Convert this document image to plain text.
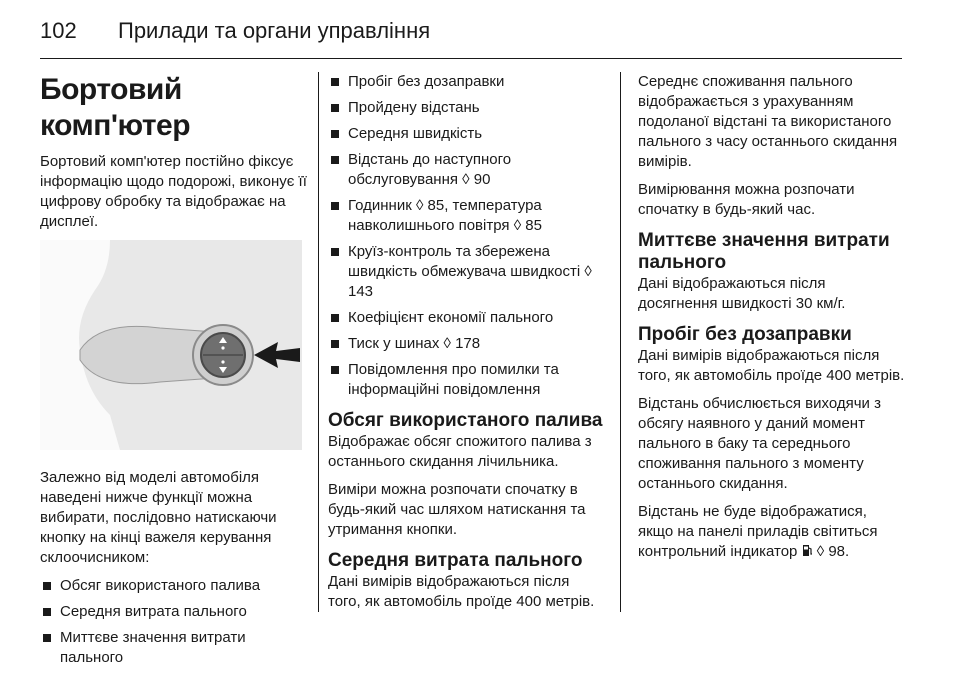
102 Прилади та органи управління
Бортовий комп'ютер

Бортовий комп'ютер постійно фіксує інформацію щодо подорожі, виконує її цифрову обробку та відображає на дисплеї.

Залежно від моделі автомобіля наведені нижче функції можна вибирати, послідовно натискаючи кнопку на кінці важеля керування склоочисником:

Обсяг використаного палива
Середня витрата пального
Миттєве значення витрати пального
Пробіг без дозаправки
Пройдену відстань
Середня швидкість
Відстань до наступного обслуговування ◊ 90
Годинник ◊ 85, температура навколишнього повітря ◊ 85
Круїз-контроль та збережена швидкість обмежувача швидкості ◊ 143
Коефіцієнт економії пального
Тиск у шинах ◊ 178
Повідомлення про помилки та інформаційні повідомлення
Обсяг використаного палива

Відображає обсяг спожитого палива з останнього скидання лічильника.

Виміри можна розпочати спочатку в будь-який час шляхом натискання та утримання кнопки.

Середня витрата пального

Дані вимірів відображаються після того, як автомобіль проїде 400 метрів.

Середнє споживання пального відображається з урахуванням подоланої відстані та використаного пального з часу останнього скидання вимірів.

Вимірювання можна розпочати спочатку в будь-який час.

Миттєве значення витрати пального

Дані відображаються після досягнення швидкості 30 км/г.

Пробіг без дозаправки

Дані вимірів відображаються після того, як автомобіль проїде 400 метрів.

Відстань обчислюється виходячи з обсягу наявного у даний момент пального в баку та середнього споживання пального з моменту останнього скидання.

Відстань не буде відображатися, якщо на панелі приладів світиться контрольний індикатор ◊ 98.
